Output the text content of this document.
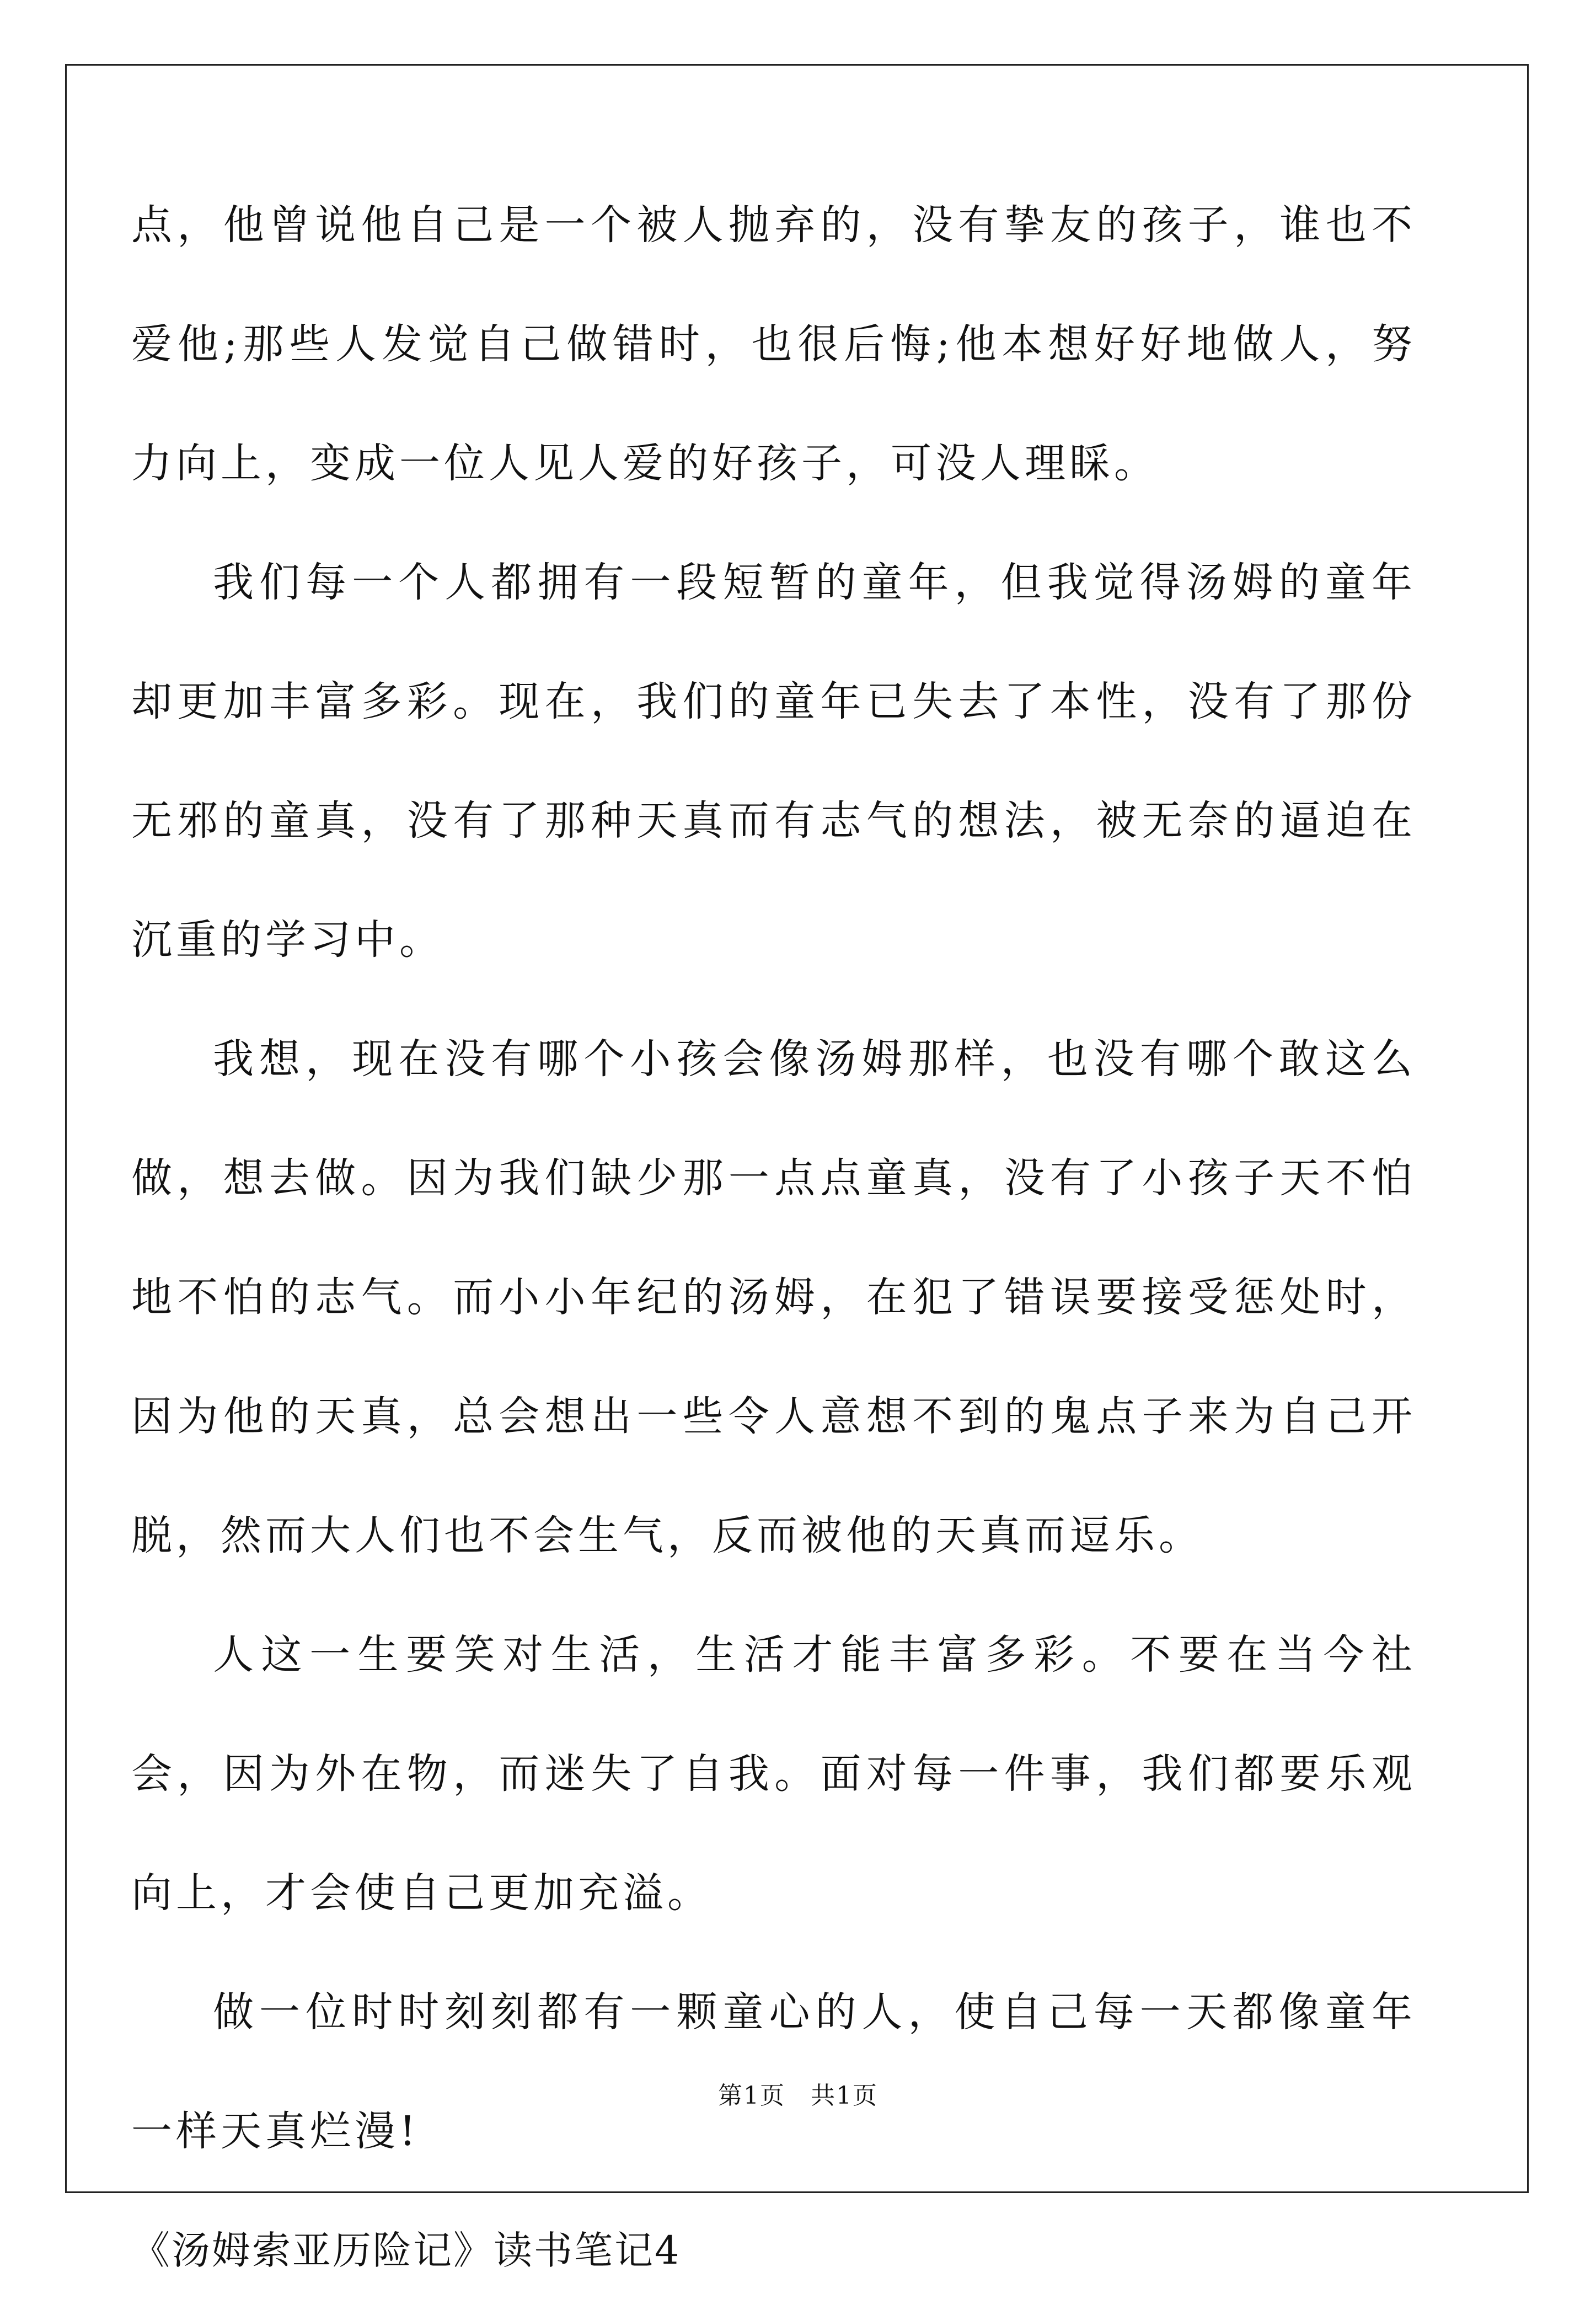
点，他曾说他自己是一个被人抛弃的，没有挚友的孩子，谁也不爱他;那些人发觉自己做错时，也很后悔;他本想好好地做人，努力向上，变成一位人见人爱的好孩子，可没人理睬。

我们每一个人都拥有一段短暂的童年，但我觉得汤姆的童年却更加丰富多彩。现在，我们的童年已失去了本性，没有了那份无邪的童真，没有了那种天真而有志气的想法，被无奈的逼迫在沉重的学习中。

我想，现在没有哪个小孩会像汤姆那样，也没有哪个敢这么做，想去做。因为我们缺少那一点点童真，没有了小孩子天不怕地不怕的志气。而小小年纪的汤姆，在犯了错误要接受惩处时，因为他的天真，总会想出一些令人意想不到的鬼点子来为自己开脱，然而大人们也不会生气，反而被他的天真而逗乐。

人这一生要笑对生活，生活才能丰富多彩。不要在当今社会，因为外在物，而迷失了自我。面对每一件事，我们都要乐观向上，才会使自己更加充溢。

做一位时时刻刻都有一颗童心的人，使自己每一天都像童年一样天真烂漫!

《汤姆索亚历险记》读书笔记4

第1页　共1页
